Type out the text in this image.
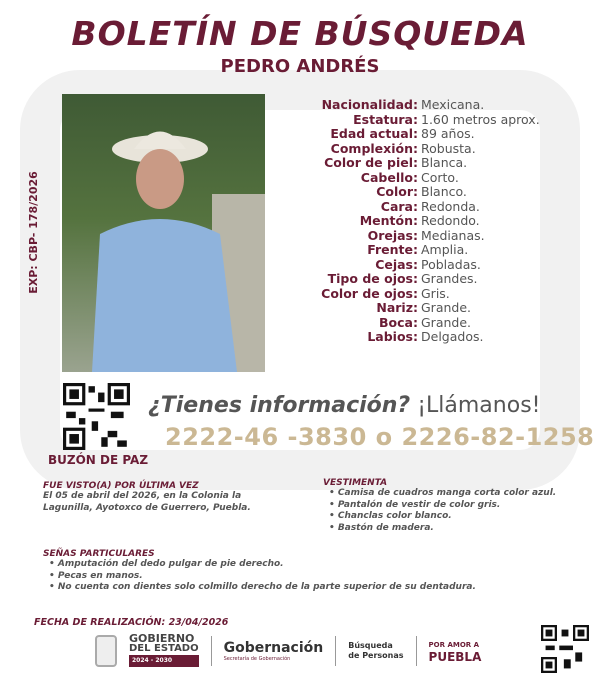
BOLETÍN DE BÚSQUEDA
PEDRO ANDRÉS
EXP: CBP- 178/2026
Nacionalidad: Mexicana.
Estatura: 1.60 metros aprox.
Edad actual: 89 años.
Complexión: Robusta.
Color de piel: Blanca.
Cabello: Corto.
Color: Blanco.
Cara: Redonda.
Mentón: Redondo.
Orejas: Medianas.
Frente: Amplia.
Cejas: Pobladas.
Tipo de ojos: Grandes.
Color de ojos: Gris.
Nariz: Grande.
Boca: Grande.
Labios: Delgados.
BUZÓN DE PAZ
¿Tienes información? ¡Llámanos!
2222-46 -3830 o 2226-82-1258
FUE VISTO(A) POR ÚLTIMA VEZ
El 05 de abril del 2026, en la Colonia la Lagunilla, Ayotoxco de Guerrero, Puebla.
VESTIMENTA
• Camisa de cuadros manga corta color azul.
• Pantalón de vestir de color gris.
• Chanclas color blanco.
• Bastón de madera.
SEÑAS PARTICULARES
• Amputación del dedo pulgar de pie derecho.
• Pecas en manos.
• No cuenta con dientes solo colmillo derecho de la parte superior de su dentadura.
FECHA DE REALIZACIÓN: 23/04/2026
GOBIERNO
DEL ESTADO
2024 - 2030
Gobernación
Secretaría de Gobernación
Búsqueda
de Personas
POR AMOR A
PUEBLA
